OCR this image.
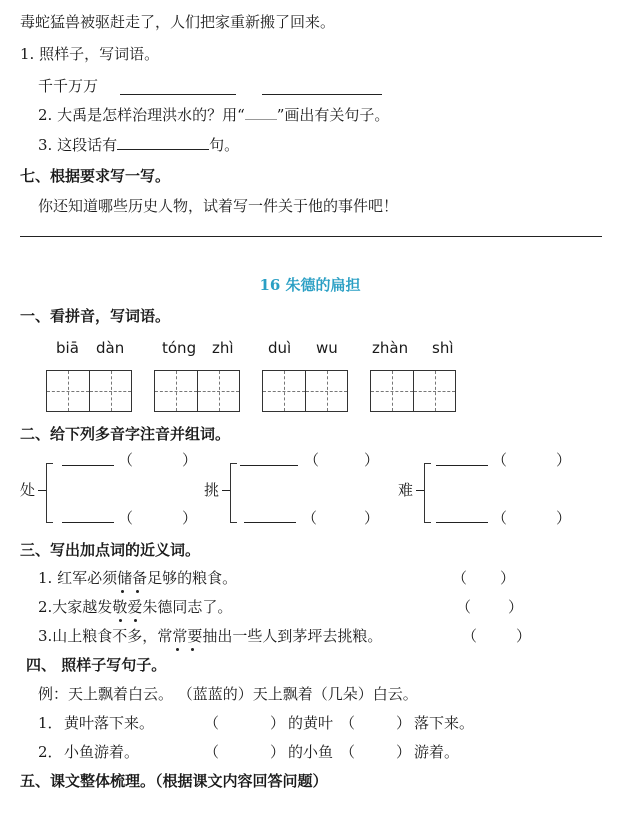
毒蛇猛兽被驱赶走了，人们把家重新搬了回来。
1. 照样子，写词语。
千千万万
2. 大禹是怎样治理洪水的？用“ ”画出有关句子。
3. 这段话有	句。
七、根据要求写一写。
你还知道哪些历史人物，试着写一件关于他的事件吧！
16 朱德的扁担
一、看拼音，写词语。
biā dàn	tóng zhì duì wu zhàn shì
二、给下列多音字注音并组词。
处
（	）
（	）
挑
（	）
（	）
难
（	）
（	）
三、写出加点词的近义词。
1. 红军必须储备足够的粮食。	（ ）
2.大家越发敬爱朱德同志了。	（ ）
3.山上粮食不多，常常要抽出一些人到茅坪去挑粮。	（	）
四、 照样子写句子。
例：天上飘着白云。 （蓝蓝的）天上飘着（几朵）白云。
1． 黄叶落下来。	（	） 的黄叶 （	） 落下来。
2． 小鱼游着。	（	） 的小鱼 （	） 游着。
五、课文整体梳理。（根据课文内容回答问题）
